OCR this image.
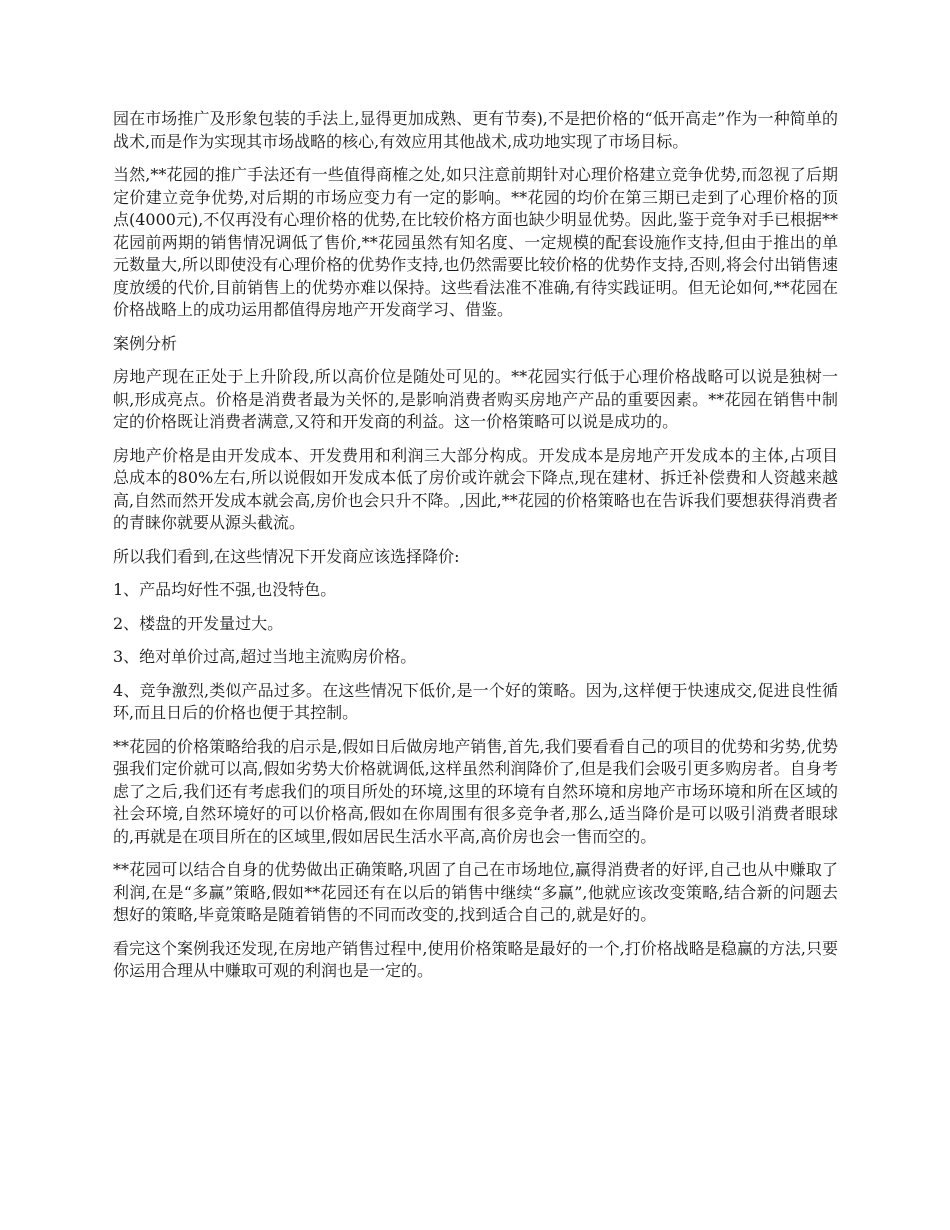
园在市场推广及形象包装的手法上,显得更加成熟、更有节奏),不是把价格的“低开高走”作为一种简单的战术,而是作为实现其市场战略的核心,有效应用其他战术,成功地实现了市场目标。

当然,**花园的推广手法还有一些值得商榷之处,如只注意前期针对心理价格建立竞争优势,而忽视了后期定价建立竞争优势,对后期的市场应变力有一定的影响。**花园的均价在第三期已走到了心理价格的顶点(4000元),不仅再没有心理价格的优势,在比较价格方面也缺少明显优势。因此,鉴于竞争对手已根据**花园前两期的销售情况调低了售价,**花园虽然有知名度、一定规模的配套设施作支持,但由于推出的单元数量大,所以即使没有心理价格的优势作支持,也仍然需要比较价格的优势作支持,否则,将会付出销售速度放缓的代价,目前销售上的优势亦难以保持。这些看法准不准确,有待实践证明。但无论如何,**花园在价格战略上的成功运用都值得房地产开发商学习、借鉴。

案例分析

房地产现在正处于上升阶段,所以高价位是随处可见的。**花园实行低于心理价格战略可以说是独树一帜,形成亮点。价格是消费者最为关怀的,是影响消费者购买房地产产品的重要因素。**花园在销售中制定的价格既让消费者满意,又符和开发商的利益。这一价格策略可以说是成功的。

房地产价格是由开发成本、开发费用和利润三大部分构成。开发成本是房地产开发成本的主体,占项目总成本的80%左右,所以说假如开发成本低了房价或许就会下降点,现在建材、拆迁补偿费和人资越来越高,自然而然开发成本就会高,房价也会只升不降。,因此,**花园的价格策略也在告诉我们要想获得消费者的青睐你就要从源头截流。

所以我们看到,在这些情况下开发商应该选择降价:

1、产品均好性不强,也没特色。

2、楼盘的开发量过大。

3、绝对单价过高,超过当地主流购房价格。

4、竞争激烈,类似产品过多。在这些情况下低价,是一个好的策略。因为,这样便于快速成交,促进良性循环,而且日后的价格也便于其控制。

**花园的价格策略给我的启示是,假如日后做房地产销售,首先,我们要看看自己的项目的优势和劣势,优势强我们定价就可以高,假如劣势大价格就调低,这样虽然利润降价了,但是我们会吸引更多购房者。自身考虑了之后,我们还有考虑我们的项目所处的环境,这里的环境有自然环境和房地产市场环境和所在区域的社会环境,自然环境好的可以价格高,假如在你周围有很多竞争者,那么,适当降价是可以吸引消费者眼球的,再就是在项目所在的区域里,假如居民生活水平高,高价房也会一售而空的。

**花园可以结合自身的优势做出正确策略,巩固了自己在市场地位,赢得消费者的好评,自己也从中赚取了利润,在是“多赢”策略,假如**花园还有在以后的销售中继续“多赢”,他就应该改变策略,结合新的问题去想好的策略,毕竟策略是随着销售的不同而改变的,找到适合自己的,就是好的。

看完这个案例我还发现,在房地产销售过程中,使用价格策略是最好的一个,打价格战略是稳赢的方法,只要你运用合理从中赚取可观的利润也是一定的。
